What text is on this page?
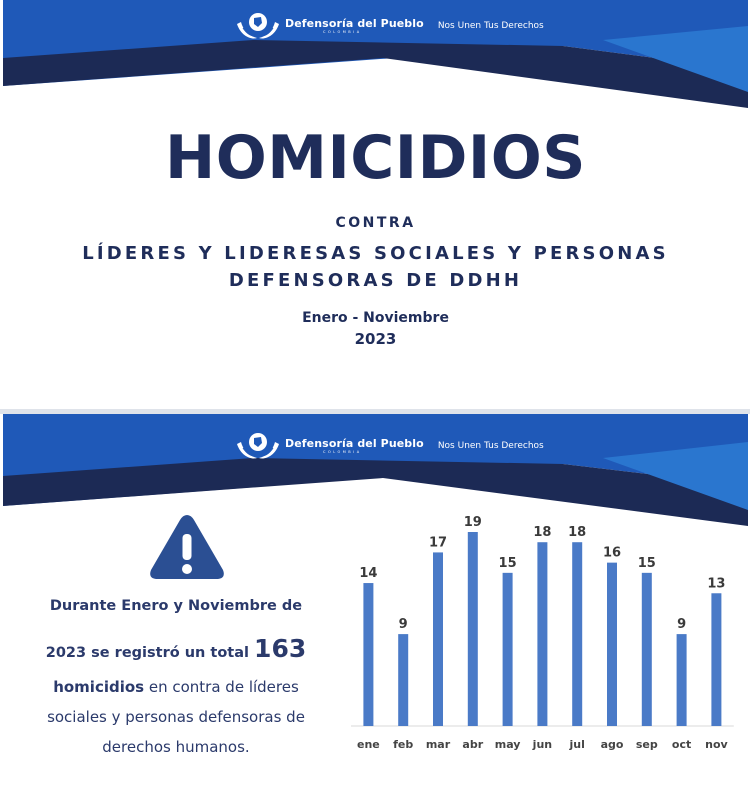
Defensoría del Pueblo
COLOMBIA
Nos Unen Tus Derechos
HOMICIDIOS
CONTRA
LÍDERES Y LIDERESAS SOCIALES Y PERSONAS
DEFENSORAS DE DDHH
Enero - Noviembre
2023
Defensoría del Pueblo
COLOMBIA
Nos Unen Tus Derechos
Durante Enero y Noviembre de
2023 se registró un total 163
homicidios en contra de líderes
sociales y personas defensoras de
derechos humanos.
14
ene
9
feb
17
mar
19
abr
15
may
18
jun
18
jul
16
ago
15
sep
9
oct
13
nov
